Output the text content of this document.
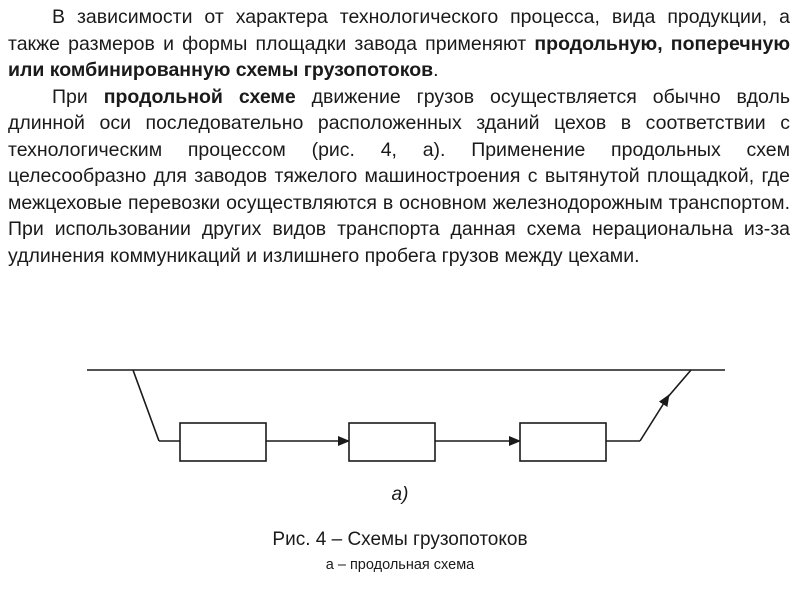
В зависимости от характера технологического процесса, вида продукции, а также размеров и формы площадки завода применяют продольную, поперечную или комбинированную схемы грузопотоков.

При продольной схеме движение грузов осуществляется обычно вдоль длинной оси последовательно расположенных зданий цехов в соответствии с технологическим процессом (рис. 4, а). Применение продольных схем целесообразно для заводов тяжелого машиностроения с вытянутой площадкой, где межцеховые перевозки осуществляются в основном железнодорожным транспортом. При использовании других видов транспорта данная схема нерациональна из-за удлинения коммуникаций и излишнего пробега грузов между цехами.

а)
Рис. 4 – Схемы грузопотоков
а – продольная схема
